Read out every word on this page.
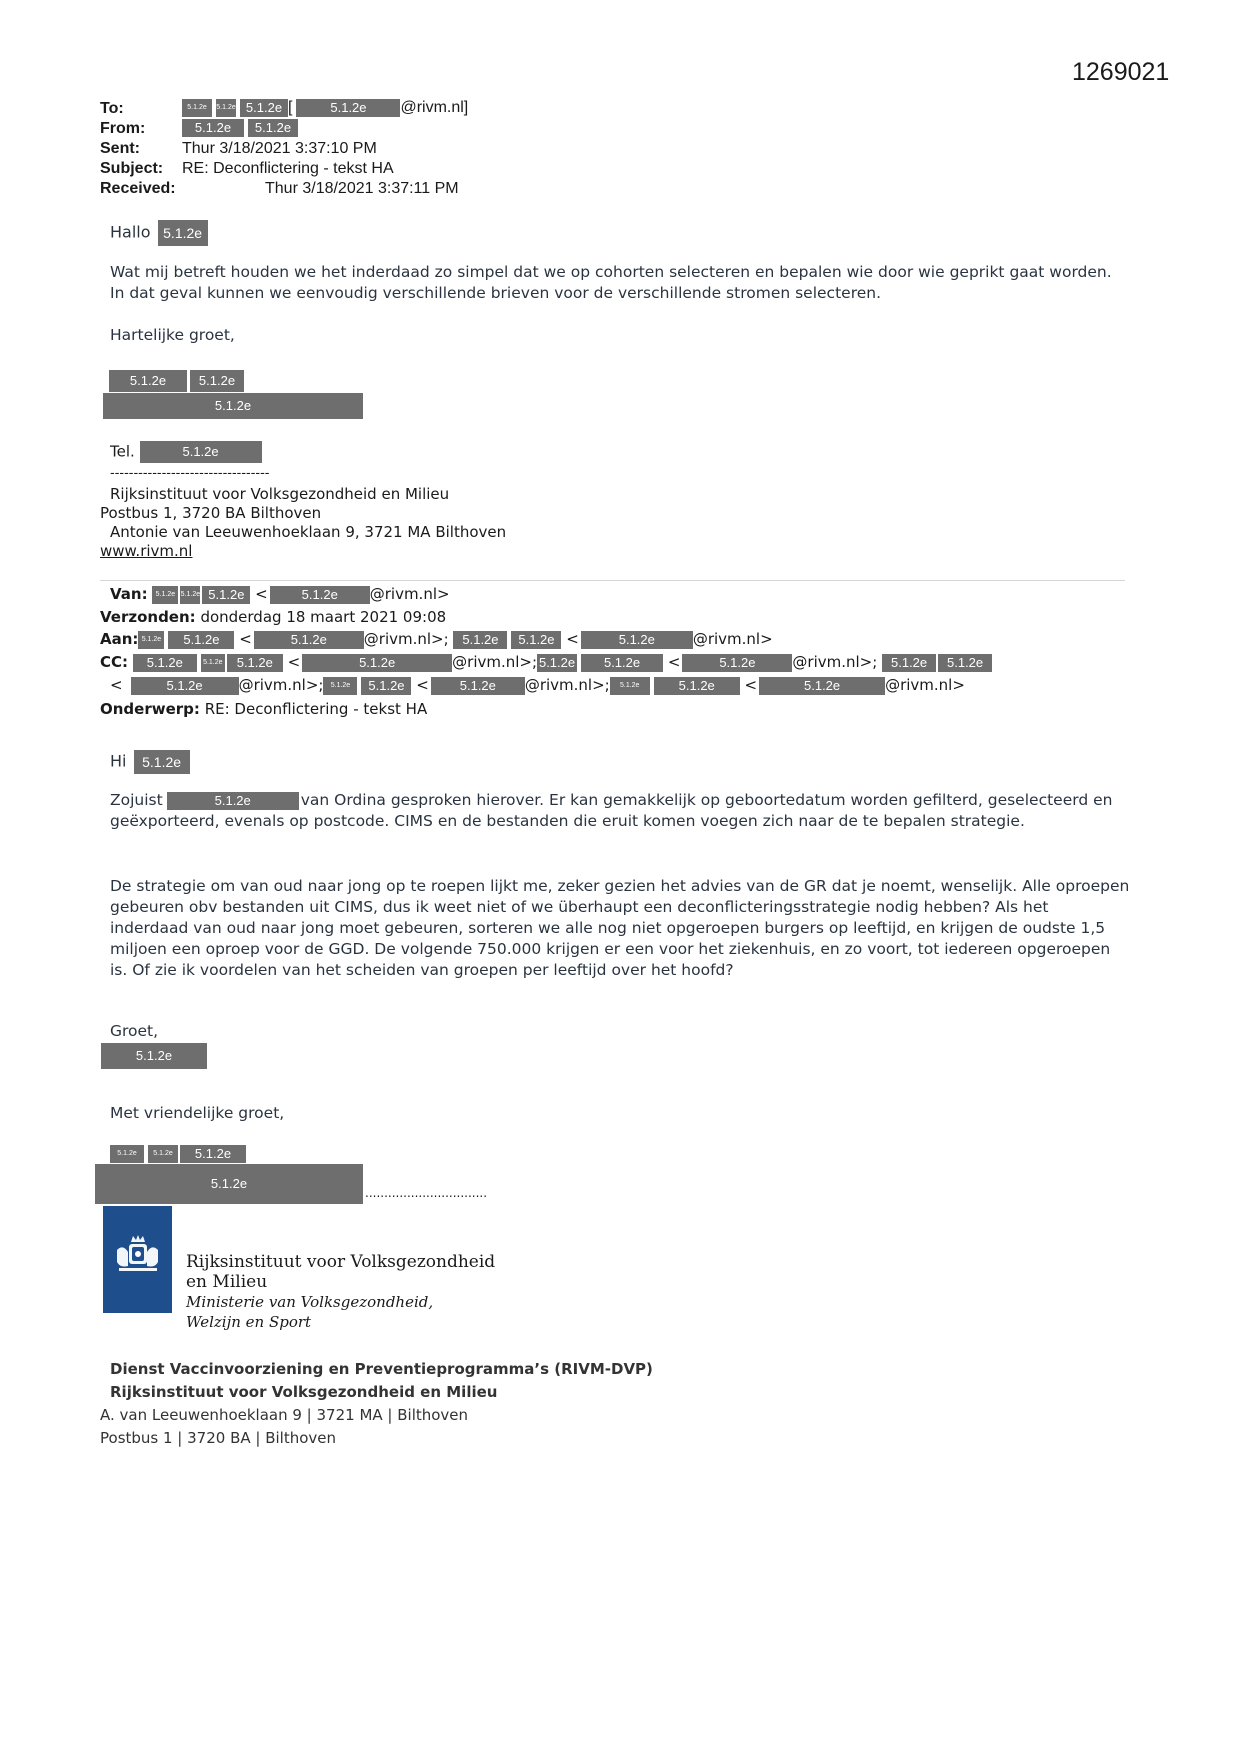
1269021
To:	5.1.2e 5.1.2e 5.1.2e [	5.1.2e @rivm.nl]
From:	5.1.2e 5.1.2e
Sent:	Thur 3/18/2021 3:37:10 PM
Subject: RE: Deconflictering - tekst HA
Received:	Thur 3/18/2021 3:37:11 PM
Hallo 5.1.2e
Wat mij betreft houden we het inderdaad zo simpel dat we op cohorten selecteren en bepalen wie door wie geprikt gaat worden. In dat geval kunnen we eenvoudig verschillende brieven voor de verschillende stromen selecteren.
Hartelijke groet,
5.1.2e	5.1.2e
5.1.2e
Tel.	5.1.2e
----------------------------------
Rijksinstituut voor Volksgezondheid en Milieu
Postbus 1, 3720 BA Bilthoven
Antonie van Leeuwenhoeklaan 9, 3721 MA Bilthoven
www.rivm.nl
Van: 5.1.2e 5.1.2e 5.1.2e <	5.1.2e @rivm.nl>
Verzonden: donderdag 18 maart 2021 09:08
Aan: 5.1.2e 5.1.2e <	5.1.2e @rivm.nl>; 5.1.2e 5.1.2e <	5.1.2e	@rivm.nl>
CC: 5.1.2e	5.1.2e 5.1.2e <	5.1.2e	@rivm.nl>; 5.1.2e 5.1.2e <	5.1.2e @rivm.nl>; 5.1.2e 5.1.2e
<	5.1.2e @rivm.nl>; 5.1.2e 5.1.2e < 5.1.2e @rivm.nl>; 5.1.2e	5.1.2e <	5.1.2e	@rivm.nl>
Onderwerp: RE: Deconflictering - tekst HA
Hi 5.1.2e
Zojuist	5.1.2e	van Ordina gesproken hierover. Er kan gemakkelijk op geboortedatum worden gefilterd, geselecteerd en geëxporteerd, evenals op postcode. CIMS en de bestanden die eruit komen voegen zich naar de te bepalen strategie.
De strategie om van oud naar jong op te roepen lijkt me, zeker gezien het advies van de GR dat je noemt, wenselijk. Alle oproepen gebeuren obv bestanden uit CIMS, dus ik weet niet of we überhaupt een deconflicteringsstrategie nodig hebben? Als het inderdaad van oud naar jong moet gebeuren, sorteren we alle nog niet opgeroepen burgers op leeftijd, en krijgen de oudste 1,5 miljoen een oproep voor de GGD. De volgende 750.000 krijgen er een voor het ziekenhuis, en zo voort, tot iedereen opgeroepen is. Of zie ik voordelen van het scheiden van groepen per leeftijd over het hoofd?
Groet,
5.1.2e
Met vriendelijke groet,
5.1.2e	5.1.2e	5.1.2e
5.1.2e
................................
Rijksinstituut voor Volksgezondheid
en Milieu
Ministerie van Volksgezondheid,
Welzijn en Sport
Dienst Vaccinvoorziening en Preventieprogramma’s (RIVM-DVP)
Rijksinstituut voor Volksgezondheid en Milieu
A. van Leeuwenhoeklaan 9 | 3721 MA | Bilthoven
Postbus 1 | 3720 BA | Bilthoven
